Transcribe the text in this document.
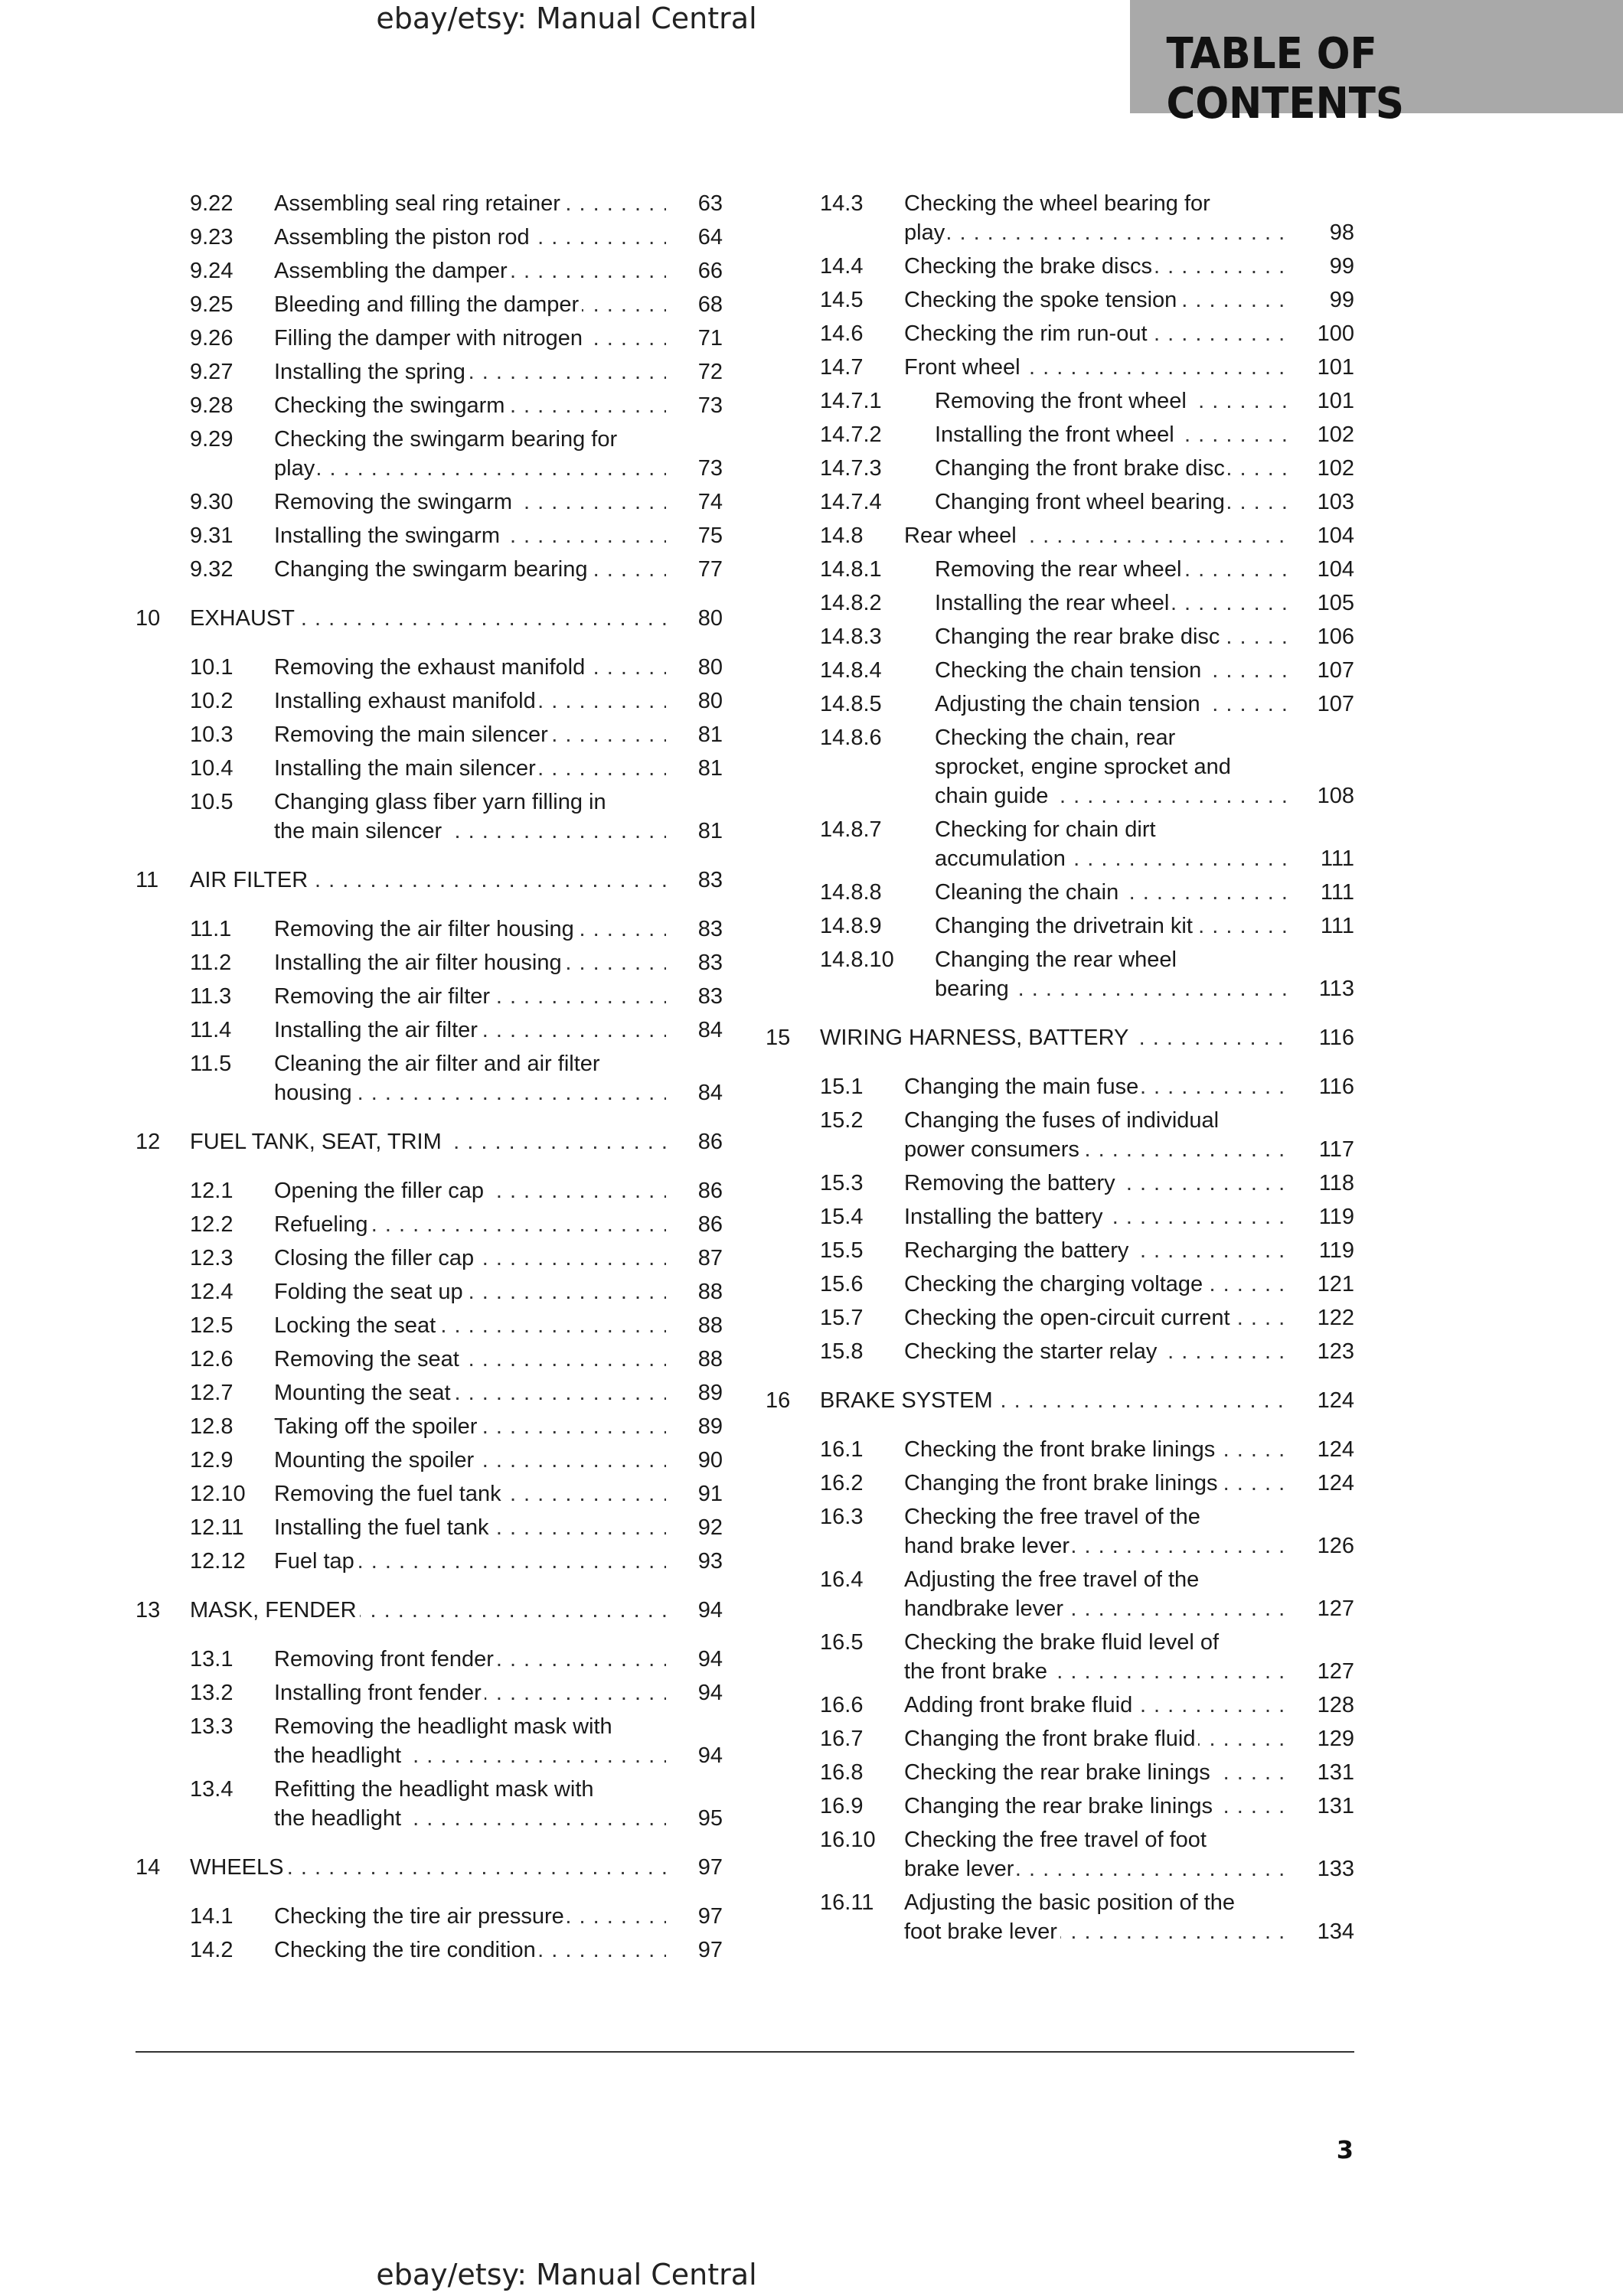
ebay/etsy: Manual Central
TABLE OF CONTENTS
9.22 Assembling seal ring retainer . . .	63
9.23 Assembling the piston rod . . .	64
9.24 Assembling the damper . . .	66
9.25 Bleeding and filling the damper . . .	68
9.26 Filling the damper with nitrogen . . .	71
9.27 Installing the spring . . .	72
9.28 Checking the swingarm . . .	73
9.29 Checking the swingarm bearing for
play . . .	73
9.30 Removing the swingarm . . .	74
9.31 Installing the swingarm . . .	75
9.32 Changing the swingarm bearing . . .	77
10 EXHAUST . . .	80
10.1 Removing the exhaust manifold . . .	80
10.2 Installing exhaust manifold . . .	80
10.3 Removing the main silencer . . .	81
10.4 Installing the main silencer . . .	81
10.5 Changing glass fiber yarn filling in
the main silencer . . .	81
11 AIR FILTER . . .	83
11.1 Removing the air filter housing . . .	83
11.2 Installing the air filter housing . . .	83
11.3 Removing the air filter . . .	83
11.4 Installing the air filter . . .	84
11.5 Cleaning the air filter and air filter
housing . . .	84
12 FUEL TANK, SEAT, TRIM . . .	86
12.1 Opening the filler cap . . .	86
12.2 Refueling . . .	86
12.3 Closing the filler cap . . .	87
12.4 Folding the seat up . . .	88
12.5 Locking the seat . . .	88
12.6 Removing the seat . . .	88
12.7 Mounting the seat . . .	89
12.8 Taking off the spoiler . . .	89
12.9 Mounting the spoiler . . .	90
12.10 Removing the fuel tank . . .	91
12.11 Installing the fuel tank . . .	92
12.12 Fuel tap . . .	93
13 MASK, FENDER . . .	94
13.1 Removing front fender . . .	94
13.2 Installing front fender . . .	94
13.3 Removing the headlight mask with
the headlight . . .	94
13.4 Refitting the headlight mask with
the headlight . . .	95
14 WHEELS . . .	97
14.1 Checking the tire air pressure . . .	97
14.2 Checking the tire condition . . .	97
14.3 Checking the wheel bearing for
play . . .	98
14.4 Checking the brake discs . . .	99
14.5 Checking the spoke tension . . .	99
14.6 Checking the rim run-out . . .	100
14.7 Front wheel . . .	101
14.7.1 Removing the front wheel . . .	101
14.7.2 Installing the front wheel . . .	102
14.7.3 Changing the front brake disc . . .	102
14.7.4 Changing front wheel bearing . . .	103
14.8 Rear wheel . . .	104
14.8.1 Removing the rear wheel . . .	104
14.8.2 Installing the rear wheel . . .	105
14.8.3 Changing the rear brake disc . . .	106
14.8.4 Checking the chain tension . . .	107
14.8.5 Adjusting the chain tension . . .	107
14.8.6 Checking the chain, rear
sprocket, engine sprocket and
chain guide . . .	108
14.8.7 Checking for chain dirt
accumulation . . .	111
14.8.8 Cleaning the chain . . .	111
14.8.9 Changing the drivetrain kit . . .	111
14.8.10 Changing the rear wheel
bearing . . .	113
15 WIRING HARNESS, BATTERY . . .	116
15.1 Changing the main fuse . . .	116
15.2 Changing the fuses of individual
power consumers . . .	117
15.3 Removing the battery . . .	118
15.4 Installing the battery . . .	119
15.5 Recharging the battery . . .	119
15.6 Checking the charging voltage . . .	121
15.7 Checking the open-circuit current . . .	122
15.8 Checking the starter relay . . .	123
16 BRAKE SYSTEM . . .	124
16.1 Checking the front brake linings . . .	124
16.2 Changing the front brake linings . . .	124
16.3 Checking the free travel of the
hand brake lever . . .	126
16.4 Adjusting the free travel of the
handbrake lever . . .	127
16.5 Checking the brake fluid level of
the front brake . . .	127
16.6 Adding front brake fluid . . .	128
16.7 Changing the front brake fluid . . .	129
16.8 Checking the rear brake linings . . .	131
16.9 Changing the rear brake linings . . .	131
16.10 Checking the free travel of foot
brake lever . . .	133
16.11 Adjusting the basic position of the
foot brake lever . . .	134
3
ebay/etsy: Manual Central
